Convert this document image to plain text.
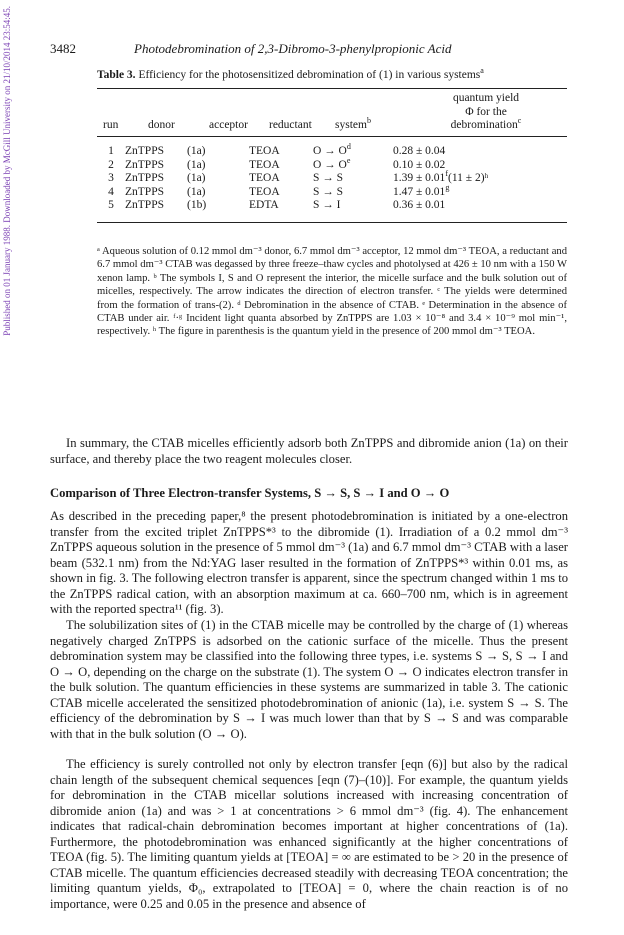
Published on 01 January 1988. Downloaded by McGill University on 21/10/2014 23:54:45.	3482	Photodebromination of 2,3-Dibromo-3-phenylpropionic Acid
Table 3. Efficiency for the photosensitized debromination of (1) in various systems$^a$
quantum yield
Φ for the
debromination$^c$
run	donor	acceptor reductant system$^b$
1	ZnTPPS	(1a)	TEOA	$O \to O^d$	0.28 ± 0.04
2	ZnTPPS	(1a)	TEOA	$O \to O^e$	0.10 ± 0.02
3	ZnTPPS	(1a)	TEOA	S → S	1.39 ± 0.01$^f$(11 ± 2)ʰ
4	ZnTPPS	(1a)	TEOA	S → S	1.47 ± 0.01$^g$
5	ZnTPPS	(1b)	EDTA	S → I	0.36 ± 0.01
ᵃ Aqueous solution of 0.12 mmol dm⁻³ donor, 6.7 mmol dm⁻³ acceptor, 12 mmol dm⁻³ TEOA, a reductant and 6.7 mmol dm⁻³ CTAB was degassed by three freeze–thaw cycles and photolysed at 426 ± 10 nm with a 150 W xenon lamp. ᵇ The symbols I, S and O represent the interior, the micelle surface and the bulk solution out of micelles, respectively. The arrow indicates the direction of electron transfer. ᶜ The yields were determined from the formation of trans-(2). ᵈ Debromination in the absence of CTAB. ᵉ Determination in the absence of CTAB under air. ᶠ·ᵍ Incident light quanta absorbed by ZnTPPS are 1.03 × 10⁻⁸ and 3.4 × 10⁻⁹ mol min⁻¹, respectively. ʰ The figure in parenthesis is the quantum yield in the presence of 200 mmol dm⁻³ TEOA.
In summary, the CTAB micelles efficiently adsorb both ZnTPPS and dibromide anion (1a) on their surface, and thereby place the two reagent molecules closer.
Comparison of Three Electron-transfer Systems, S → S, S → I and O → O
As described in the preceding paper,⁸ the present photodebromination is initiated by a one-electron transfer from the excited triplet ZnTPPS*³ to the dibromide (1). Irradiation of a 0.2 mmol dm⁻³ ZnTPPS aqueous solution in the presence of 5 mmol dm⁻³ (1a) and 6.7 mmol dm⁻³ CTAB with a laser beam (532.1 nm) from the Nd:YAG laser resulted in the formation of ZnTPPS*³ within 0.01 ms, as shown in fig. 3. The following electron transfer is apparent, since the spectrum changed within 1 ms to the ZnTPPS radical cation, with an absorption maximum at ca. 660–700 nm, which is in agreement with the reported spectra¹¹ (fig. 3).
The solubilization sites of (1) in the CTAB micelle may be controlled by the charge of (1) whereas negatively charged ZnTPPS is adsorbed on the cationic surface of the micelle. Thus the present debromination system may be classified into the following three types, i.e. systems S → S, S → I and O → O, depending on the charge on the substrate (1). The system O → O indicates electron transfer in the bulk solution. The quantum efficiencies in these systems are summarized in table 3. The cationic CTAB micelle accelerated the sensitized photodebromination of anionic (1a), i.e. system S → S. The efficiency of the debromination by S → I was much lower than that by S → S and was comparable with that in the bulk solution (O → O).
The efficiency is surely controlled not only by electron transfer [eqn (6)] but also by the radical chain length of the subsequent chemical sequences [eqn (7)–(10)]. For example, the quantum yields for debromination in the CTAB micellar solutions increased with increasing concentration of dibromide anion (1a) and was > 1 at concentrations > 6 mmol dm⁻³ (fig. 4). The enhancement indicates that radical-chain debromination becomes important at higher concentrations of (1a). Furthermore, the photodebromination was enhanced significantly at the higher concentrations of TEOA (fig. 5). The limiting quantum yields at [TEOA] = ∞ are estimated to be > 20 in the presence of CTAB micelle. The quantum efficiencies decreased steadily with decreasing TEOA concentration; the limiting quantum yields, Φ₀, extrapolated to [TEOA] = 0, where the chain reaction is of no importance, were 0.25 and 0.05 in the presence and absence of
